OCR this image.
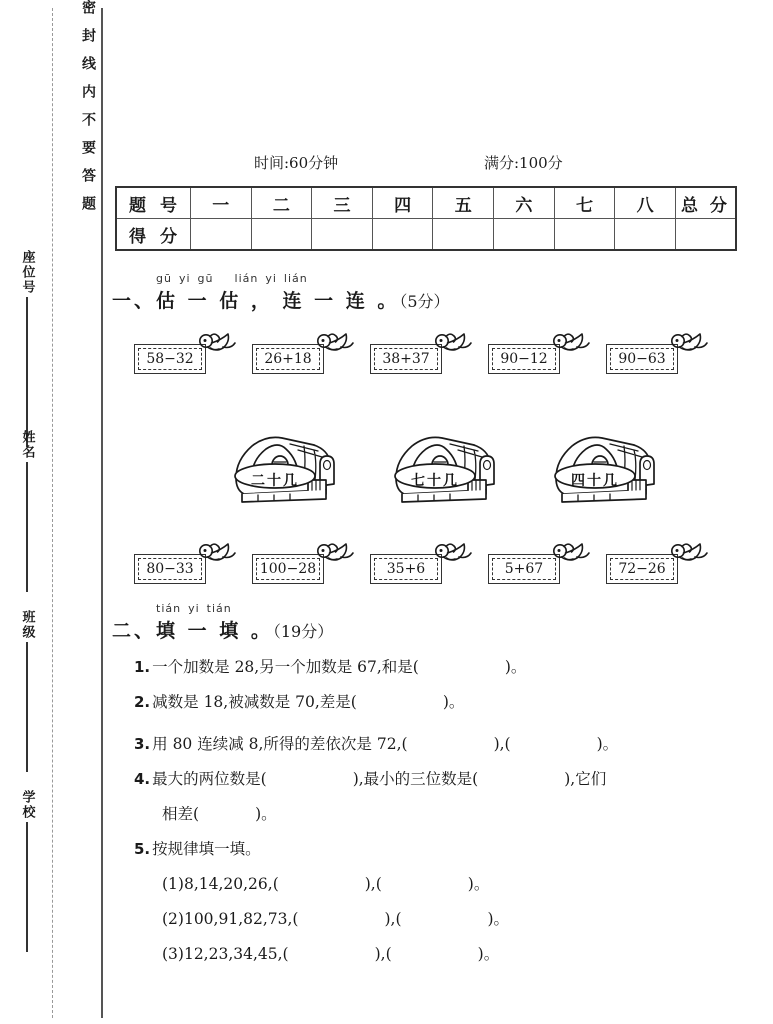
密封线内不要答题
座位号
姓名
班级
学校
时间:60分钟	满分:100分
题 号	一	二	三	四	五	六	七	八	总 分
得 分									
gū yi gū lián yi lián
一、估 一 估 ， 连 一 连 。（5分）
58−32	26+18	38+37	90−12	90−63
二十几	七十几	四十几
80−33	100−28	35+6	5+67	72−26
tián yi tián
二、填 一 填 。（19分）
1. 一个加数是 28,另一个加数是 67,和是(	)。
2. 减数是 18,被减数是 70,差是(	)。
3. 用 80 连续减 8,所得的差依次是 72,(	),(	)。
4. 最大的两位数是(	),最小的三位数是(	),它们
相差(	)。
5. 按规律填一填。
(1)8,14,20,26,(	),(	)。
(2)100,91,82,73,(	),(	)。
(3)12,23,34,45,(	),(	)。
